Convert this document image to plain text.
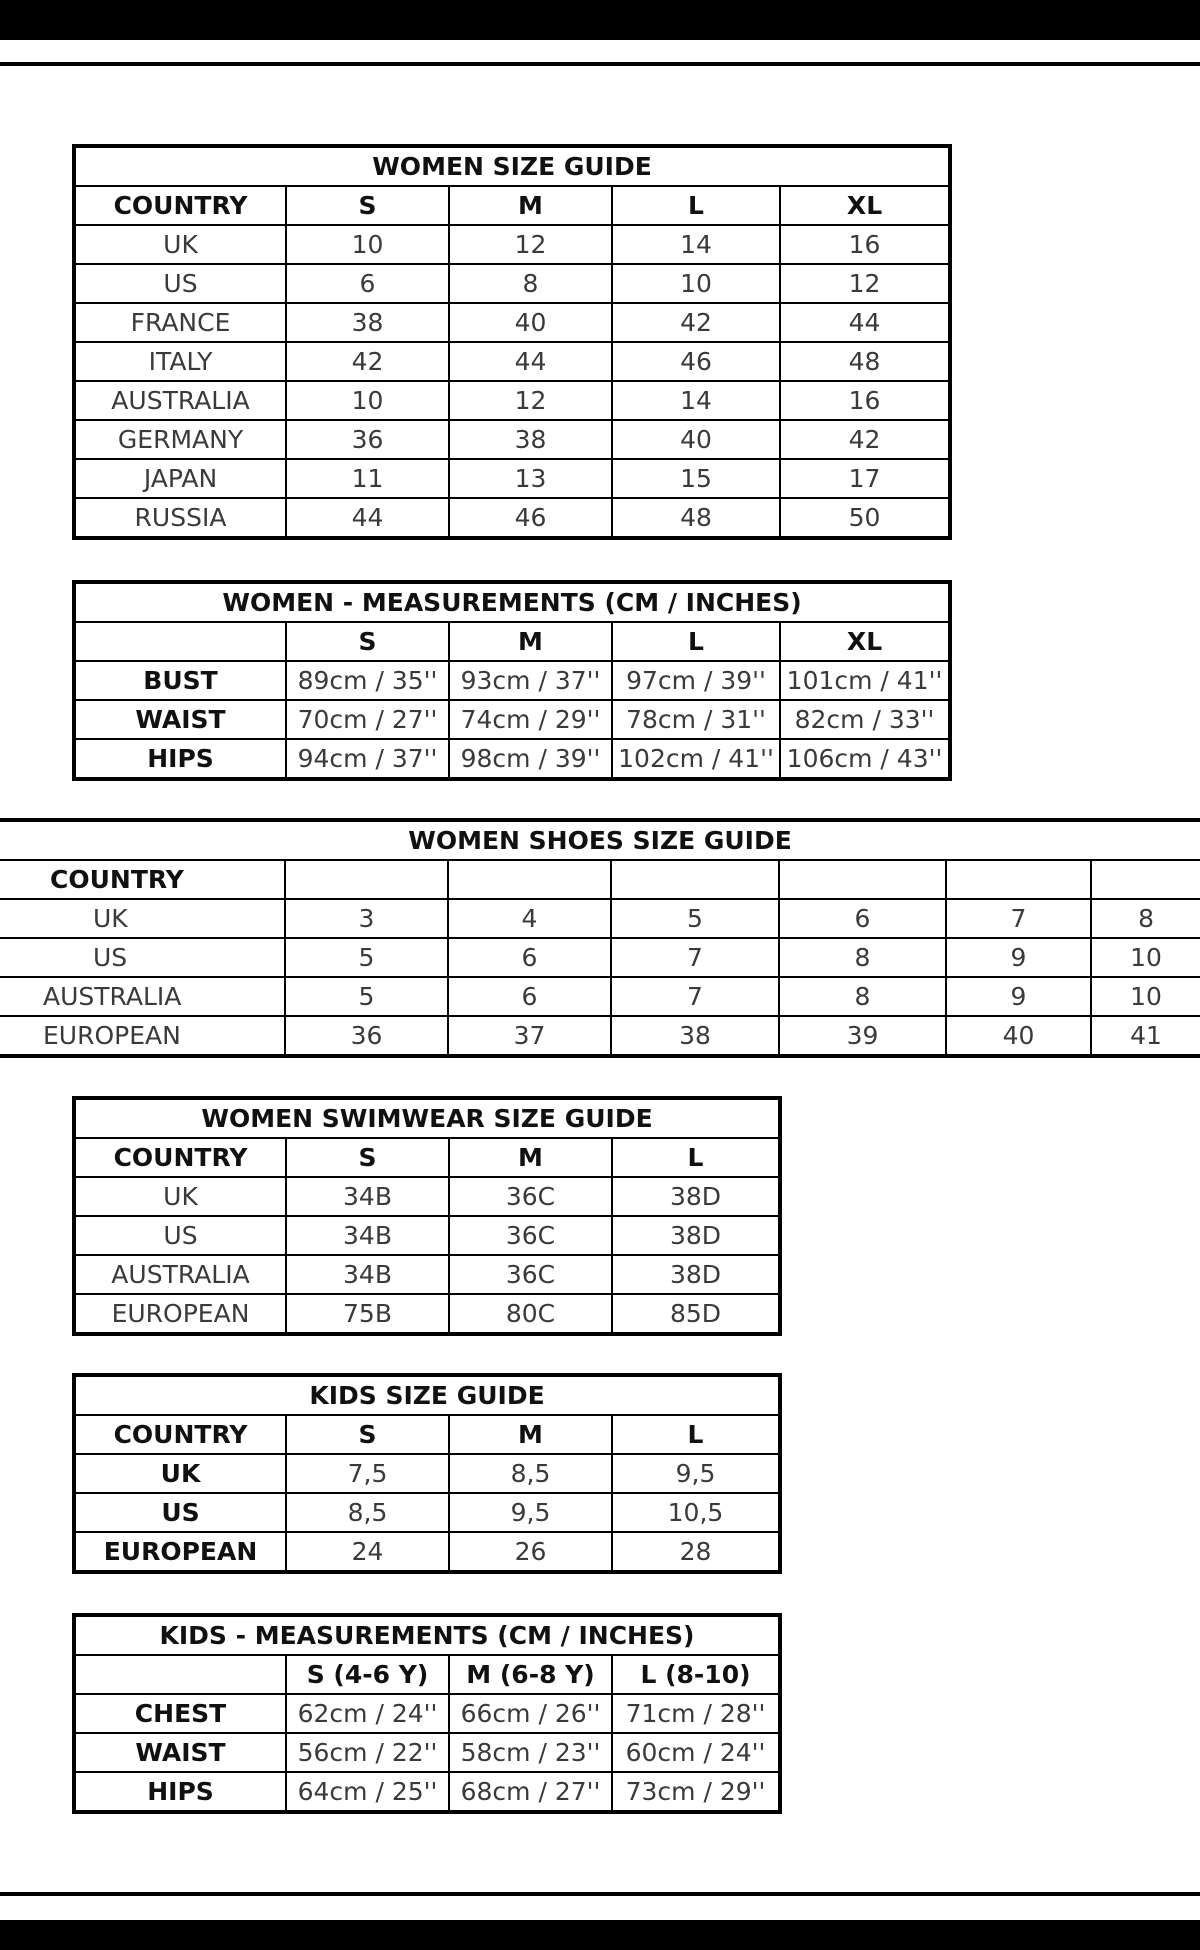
WOMEN SIZE GUIDE				
COUNTRY	S	M	L	XL
UK	10	12	14	16
US	6	8	10	12
FRANCE	38	40	42	44
ITALY	42	44	46	48
AUSTRALIA	10	12	14	16
GERMANY	36	38	40	42
JAPAN	11	13	15	17
RUSSIA	44	46	48	50
WOMEN - MEASUREMENTS (CM / INCHES)				
	S	M	L	XL
BUST	89cm / 35''	93cm / 37''	97cm / 39''	101cm / 41''
WAIST	70cm / 27''	74cm / 29''	78cm / 31''	82cm / 33''
HIPS	94cm / 37''	98cm / 39''	102cm / 41''	106cm / 43''
WOMEN SHOES SIZE GUIDE						
COUNTRY						
UK	3	4	5	6	7	8
US	5	6	7	8	9	10
AUSTRALIA	5	6	7	8	9	10
EUROPEAN	36	37	38	39	40	41
WOMEN SWIMWEAR SIZE GUIDE			
COUNTRY	S	M	L
UK	34B	36C	38D
US	34B	36C	38D
AUSTRALIA	34B	36C	38D
EUROPEAN	75B	80C	85D
KIDS SIZE GUIDE			
COUNTRY	S	M	L
UK	7,5	8,5	9,5
US	8,5	9,5	10,5
EUROPEAN	24	26	28
KIDS - MEASUREMENTS (CM / INCHES)			
	S (4-6 Y)	M (6-8 Y)	L (8-10)
CHEST	62cm / 24''	66cm / 26''	71cm / 28''
WAIST	56cm / 22''	58cm / 23''	60cm / 24''
HIPS	64cm / 25''	68cm / 27''	73cm / 29''
